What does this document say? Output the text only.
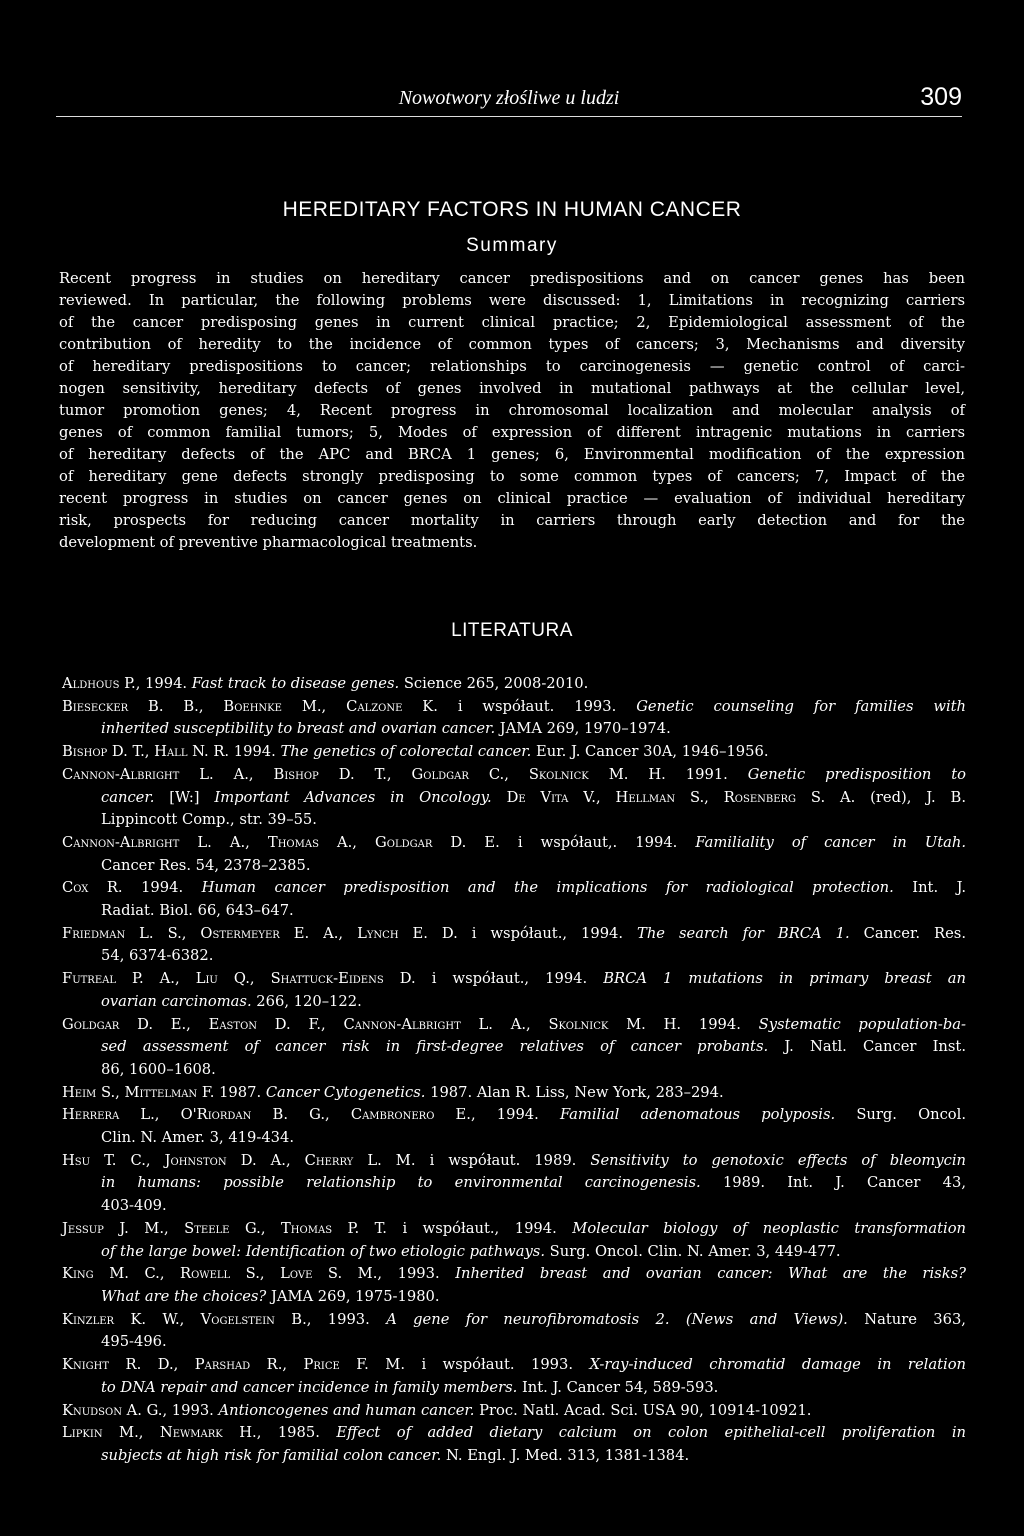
Nowotwory złośliwe u ludzi	309
HEREDITARY FACTORS IN HUMAN CANCER
Summary

Recent progress in studies on hereditary cancer predispositions and on cancer genes has been
reviewed. In particular, the following problems were discussed: 1, Limitations in recognizing carriers
of the cancer predisposing genes in current clinical practice; 2, Epidemiological assessment of the
contribution of heredity to the incidence of common types of cancers; 3, Mechanisms and diversity
of hereditary predispositions to cancer; relationships to carcinogenesis — genetic control of carci-
nogen sensitivity, hereditary defects of genes involved in mutational pathways at the cellular level,
tumor promotion genes; 4, Recent progress in chromosomal localization and molecular analysis of
genes of common familial tumors; 5, Modes of expression of different intragenic mutations in carriers
of hereditary defects of the APC and BRCA 1 genes; 6, Environmental modification of the expression
of hereditary gene defects strongly predisposing to some common types of cancers; 7, Impact of the
recent progress in studies on cancer genes on clinical practice — evaluation of individual hereditary
risk, prospects for reducing cancer mortality in carriers through early detection and for the
development of preventive pharmacological treatments.

LITERATURA
Aldhous P., 1994. Fast track to disease genes. Science 265, 2008-2010.
Biesecker B. B., Boehnke M., Calzone K. i współaut. 1993. Genetic counseling for families with
inherited susceptibility to breast and ovarian cancer. JAMA 269, 1970–1974.
Bishop D. T., Hall N. R. 1994. The genetics of colorectal cancer. Eur. J. Cancer 30A, 1946–1956.
Cannon-Albright L. A., Bishop D. T., Goldgar C., Skolnick M. H. 1991. Genetic predisposition to
cancer. [W:] Important Advances in Oncology. De Vita V., Hellman S., Rosenberg S. A. (red), J. B.
Lippincott Comp., str. 39–55.
Cannon-Albright L. A., Thomas A., Goldgar D. E. i współaut,. 1994. Familiality of cancer in Utah.
Cancer Res. 54, 2378–2385.
Cox R. 1994. Human cancer predisposition and the implications for radiological protection. Int. J.
Radiat. Biol. 66, 643–647.
Friedman L. S., Ostermeyer E. A., Lynch E. D. i współaut., 1994. The search for BRCA 1. Cancer. Res.
54, 6374-6382.
Futreal P. A., Liu Q., Shattuck-Eidens D. i współaut., 1994. BRCA 1 mutations in primary breast an
ovarian carcinomas. 266, 120–122.
Goldgar D. E., Easton D. F., Cannon-Albright L. A., Skolnick M. H. 1994. Systematic population-ba-
sed assessment of cancer risk in first-degree relatives of cancer probants. J. Natl. Cancer Inst.
86, 1600–1608.
Heim S., Mittelman F. 1987. Cancer Cytogenetics. 1987. Alan R. Liss, New York, 283–294.
Herrera L., O'Riordan B. G., Cambronero E., 1994. Familial adenomatous polyposis. Surg. Oncol.
Clin. N. Amer. 3, 419-434.
Hsu T. C., Johnston D. A., Cherry L. M. i współaut. 1989. Sensitivity to genotoxic effects of bleomycin
in humans: possible relationship to environmental carcinogenesis. 1989. Int. J. Cancer 43,
403-409.
Jessup J. M., Steele G., Thomas P. T. i współaut., 1994. Molecular biology of neoplastic transformation
of the large bowel: Identification of two etiologic pathways. Surg. Oncol. Clin. N. Amer. 3, 449-477.
King M. C., Rowell S., Love S. M., 1993. Inherited breast and ovarian cancer: What are the risks?
What are the choices? JAMA 269, 1975-1980.
Kinzler K. W., Vogelstein B., 1993. A gene for neurofibromatosis 2. (News and Views). Nature 363,
495-496.
Knight R. D., Parshad R., Price F. M. i współaut. 1993. X-ray-induced chromatid damage in relation
to DNA repair and cancer incidence in family members. Int. J. Cancer 54, 589-593.
Knudson A. G., 1993. Antioncogenes and human cancer. Proc. Natl. Acad. Sci. USA 90, 10914-10921.
Lipkin M., Newmark H., 1985. Effect of added dietary calcium on colon epithelial-cell proliferation in
subjects at high risk for familial colon cancer. N. Engl. J. Med. 313, 1381-1384.
